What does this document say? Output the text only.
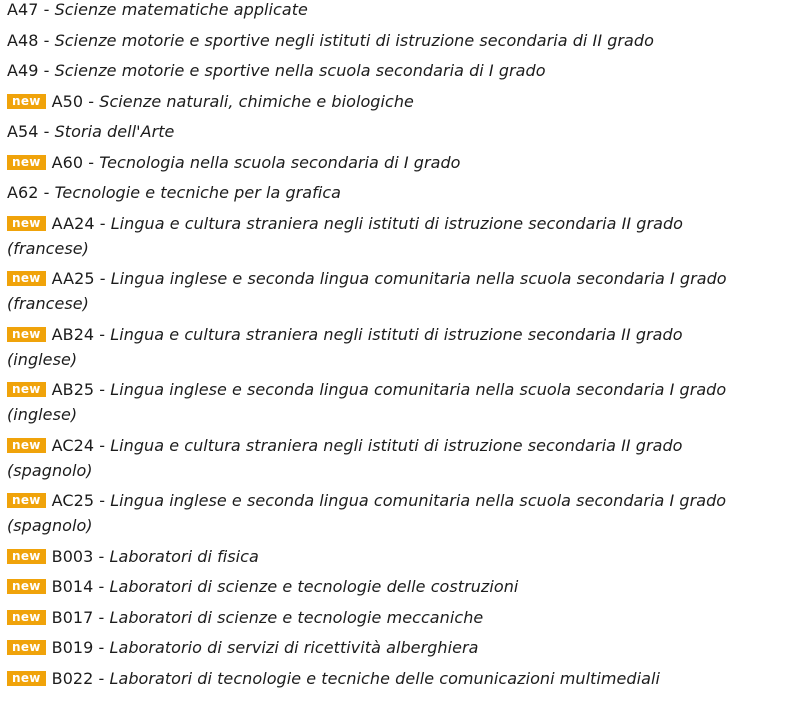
A47 - Scienze matematiche applicate
A48 - Scienze motorie e sportive negli istituti di istruzione secondaria di II grado
A49 - Scienze motorie e sportive nella scuola secondaria di I grado
new A50 - Scienze naturali, chimiche e biologiche
A54 - Storia dell'Arte
new A60 - Tecnologia nella scuola secondaria di I grado
A62 - Tecnologie e tecniche per la grafica
new AA24 - Lingua e cultura straniera negli istituti di istruzione secondaria II grado (francese)
new AA25 - Lingua inglese e seconda lingua comunitaria nella scuola secondaria I grado (francese)
new AB24 - Lingua e cultura straniera negli istituti di istruzione secondaria II grado (inglese)
new AB25 - Lingua inglese e seconda lingua comunitaria nella scuola secondaria I grado (inglese)
new AC24 - Lingua e cultura straniera negli istituti di istruzione secondaria II grado (spagnolo)
new AC25 - Lingua inglese e seconda lingua comunitaria nella scuola secondaria I grado (spagnolo)
new B003 - Laboratori di fisica
new B014 - Laboratori di scienze e tecnologie delle costruzioni
new B017 - Laboratori di scienze e tecnologie meccaniche
new B019 - Laboratorio di servizi di ricettività alberghiera
new B022 - Laboratori di tecnologie e tecniche delle comunicazioni multimediali
